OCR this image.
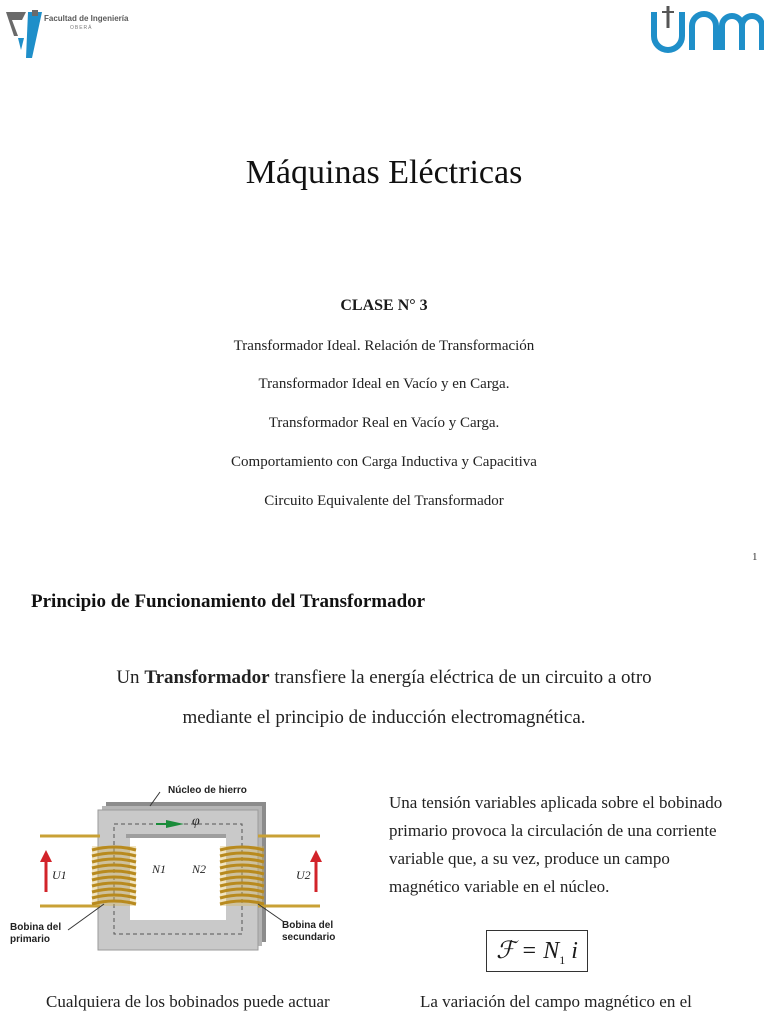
Facultad de Ingeniería
OBERÁ
Máquinas Eléctricas
CLASE N° 3
Transformador Ideal. Relación de Transformación
Transformador Ideal en Vacío y en Carga.
Transformador Real en Vacío y Carga.
Comportamiento con Carga Inductiva y Capacitiva
Circuito Equivalente del Transformador
1
Principio de Funcionamiento del Transformador
Un Transformador transfiere la energía eléctrica de un circuito a otro
mediante el principio de inducción electromagnética.
Núcleo de hierro
φ
N1 N2
U1	U2
Bobina del
primario
Bobina del
secundario
Una tensión variables aplicada sobre el bobinado primario provoca la circulación de una corriente variable que, a su vez, produce un campo magnético variable en el núcleo.
ℱ = $N_1$ i
Cualquiera de los bobinados puede actuar	La variación del campo magnético en el
